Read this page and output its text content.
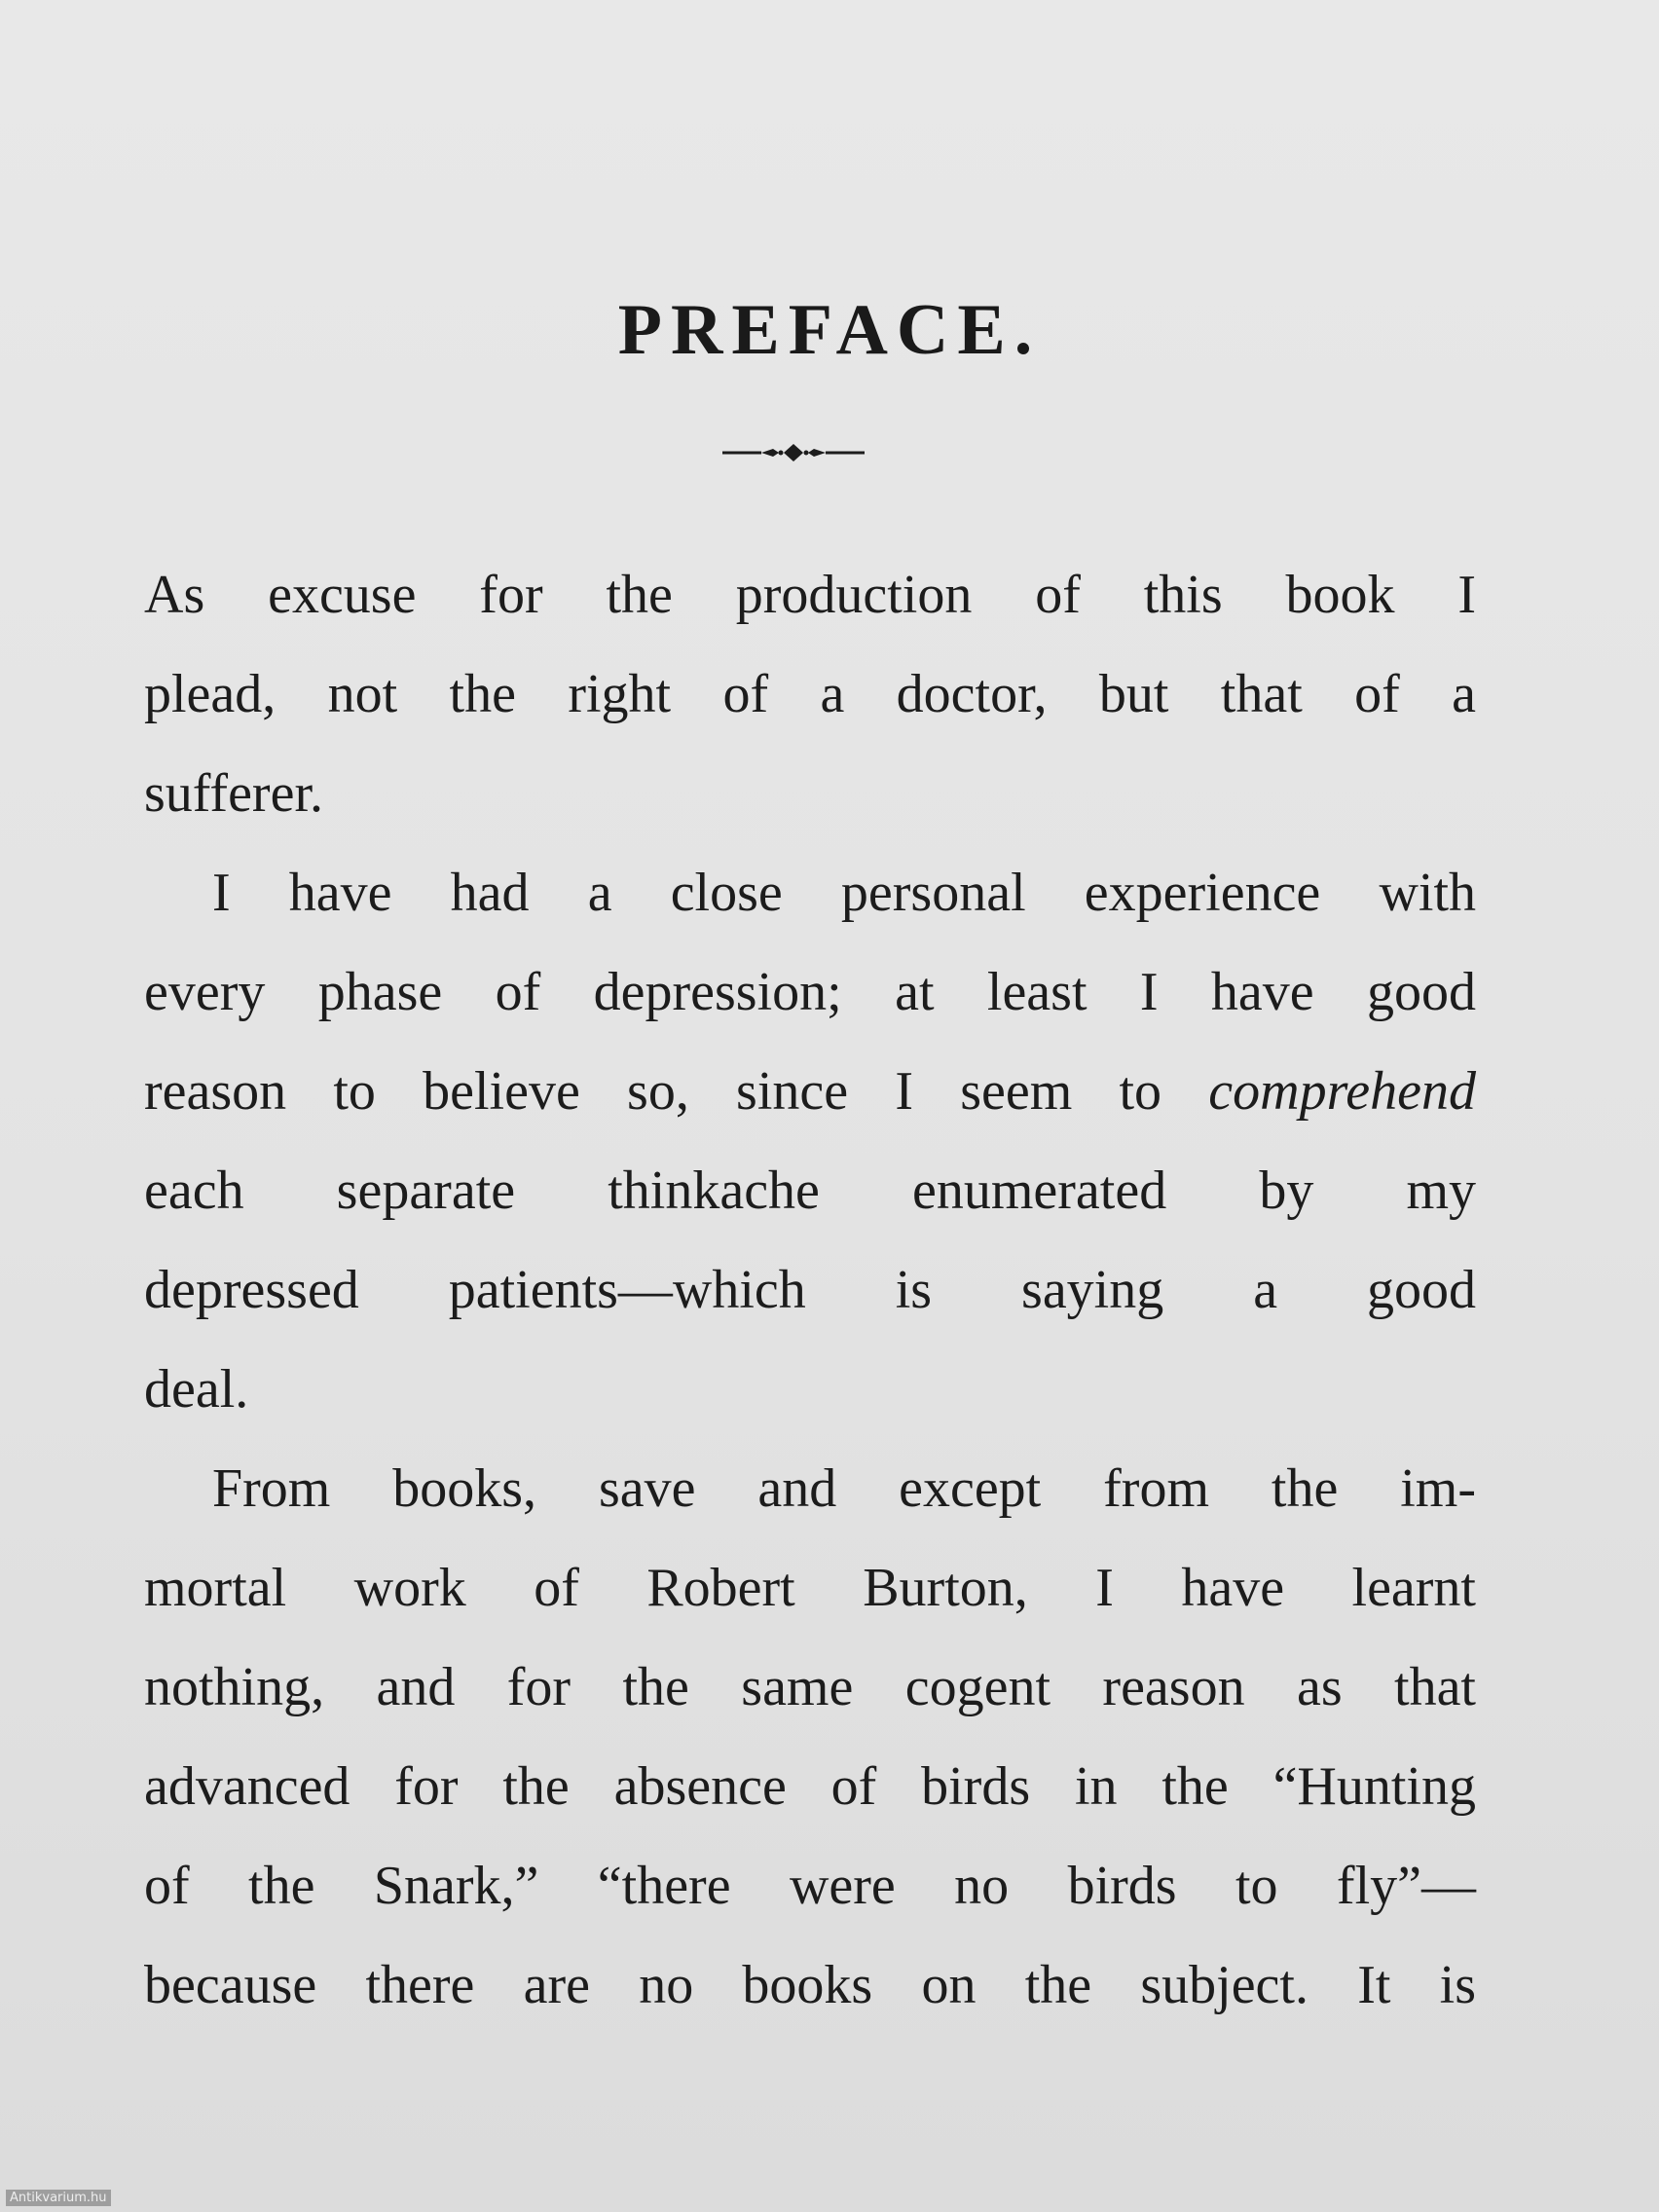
PREFACE.

As excuse for the production of this book I
plead, not the right of a doctor, but that of a
sufferer.

I have had a close personal experience with
every phase of depression; at least I have good
reason to believe so, since I seem to comprehend
each separate thinkache enumerated by my
depressed patients—which is saying a good
deal.

From books, save and except from the im-
mortal work of Robert Burton, I have learnt
nothing, and for the same cogent reason as that
advanced for the absence of birds in the “Hunting
of the Snark,” “there were no birds to fly”—
because there are no books on the subject. It is

Antikvarium.hu
